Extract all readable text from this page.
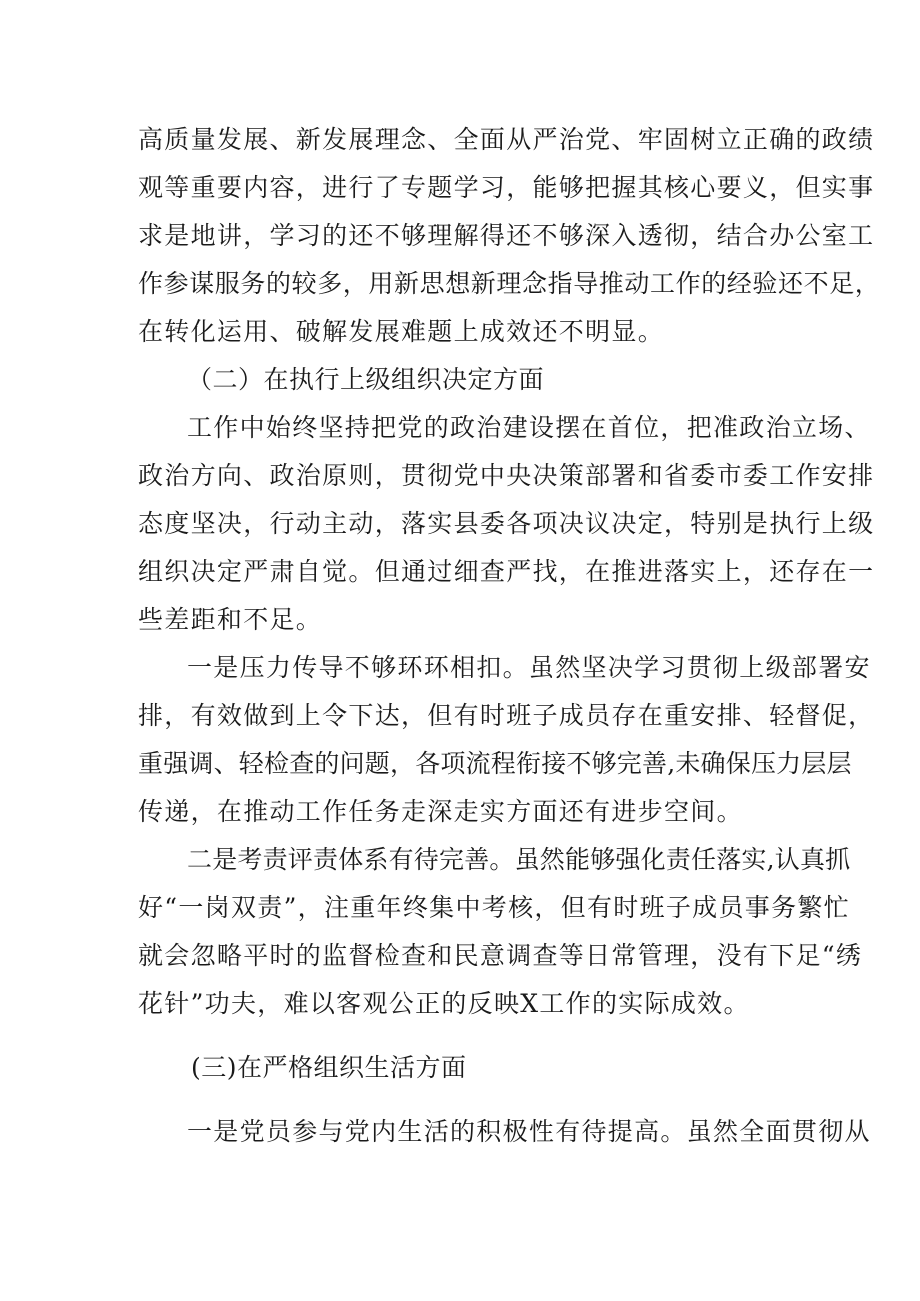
高质量发展、新发展理念、全面从严治党、牢固树立正确的政绩
观等重要内容，进行了专题学习，能够把握其核心要义，但实事
求是地讲，学习的还不够理解得还不够深入透彻，结合办公室工
作参谋服务的较多，用新思想新理念指导推动工作的经验还不足，
在转化运用、破解发展难题上成效还不明显。
（二）在执行上级组织决定方面
工作中始终坚持把党的政治建设摆在首位，把准政治立场、
政治方向、政治原则，贯彻党中央决策部署和省委市委工作安排
态度坚决，行动主动，落实县委各项决议决定，特别是执行上级
组织决定严肃自觉。但通过细查严找，在推进落实上，还存在一
些差距和不足。
一是压力传导不够环环相扣。虽然坚决学习贯彻上级部署安
排，有效做到上令下达，但有时班子成员存在重安排、轻督促，
重强调、轻检查的问题，各项流程衔接不够完善,未确保压力层层
传递，在推动工作任务走深走实方面还有进步空间。
二是考责评责体系有待完善。虽然能够强化责任落实,认真抓
好“一岗双责”，注重年终集中考核，但有时班子成员事务繁忙
就会忽略平时的监督检查和民意调查等日常管理，没有下足“绣
花针”功夫，难以客观公正的反映X工作的实际成效。
(三)在严格组织生活方面
一是党员参与党内生活的积极性有待提高。虽然全面贯彻从
